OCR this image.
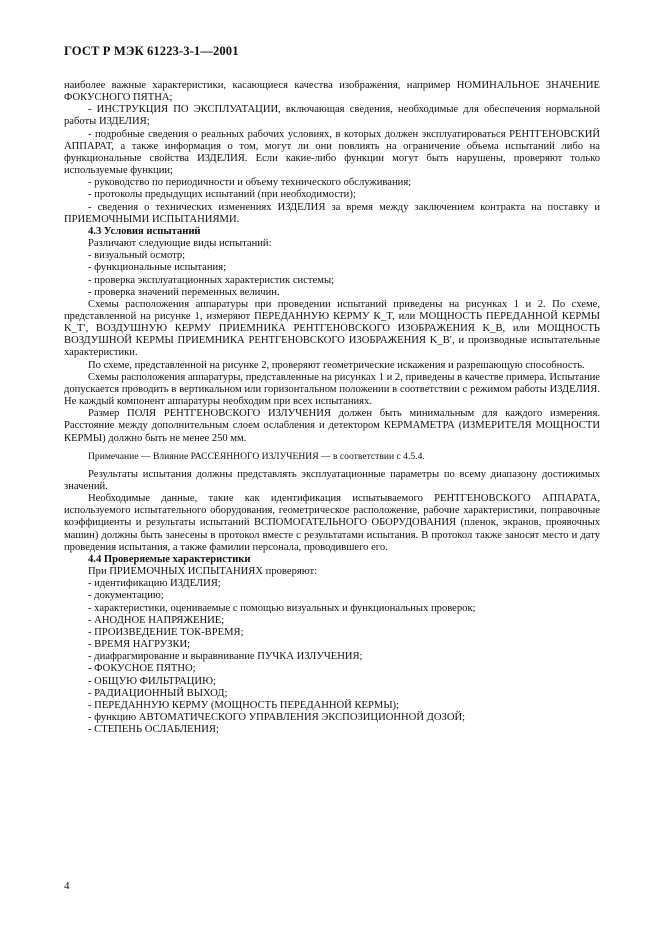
ГОСТ Р МЭК 61223-3-1—2001

наиболее важные характеристики, касающиеся качества изображения, например НОМИНАЛЬНОЕ ЗНАЧЕНИЕ ФОКУСНОГО ПЯТНА;

- ИНСТРУКЦИЯ ПО ЭКСПЛУАТАЦИИ, включающая сведения, необходимые для обеспечения нормальной работы ИЗДЕЛИЯ;

- подробные сведения о реальных рабочих условиях, в которых должен эксплуатироваться РЕНТГЕНОВСКИЙ АППАРАТ, а также информация о том, могут ли они повлиять на ограничение объема испытаний либо на функциональные свойства ИЗДЕЛИЯ. Если какие-либо функции могут быть нарушены, проверяют только используемые функции;

- руководство по периодичности и объему технического обслуживания;

- протоколы предыдущих испытаний (при необходимости);

- сведения о технических изменениях ИЗДЕЛИЯ за время между заключением контракта на поставку и ПРИЕМОЧНЫМИ ИСПЫТАНИЯМИ.

4.3 Условия испытаний

Различают следующие виды испытаний:

- визуальный осмотр;

- функциональные испытания;

- проверка эксплуатационных характеристик системы;

- проверка значений переменных величин.

Схемы расположения аппаратуры при проведении испытаний приведены на рисунках 1 и 2. По схеме, представленной на рисунке 1, измеряют ПЕРЕДАННУЮ КЕРМУ K_T, или МОЩНОСТЬ ПЕРЕДАННОЙ КЕРМЫ K_T′, ВОЗДУШНУЮ КЕРМУ ПРИЕМНИКА РЕНТГЕНОВСКОГО ИЗОБРАЖЕНИЯ K_B, или МОЩНОСТЬ ВОЗДУШНОЙ КЕРМЫ ПРИЕМНИКА РЕНТГЕНОВСКОГО ИЗОБРАЖЕНИЯ K_B′, и производные испытательные характеристики.

По схеме, представленной на рисунке 2, проверяют геометрические искажения и разрешающую способность.

Схемы расположения аппаратуры, представленные на рисунках 1 и 2, приведены в качестве примера. Испытание допускается проводить в вертикальном или горизонтальном положении в соответствии с режимом работы ИЗДЕЛИЯ. Не каждый компонент аппаратуры необходим при всех испытаниях.

Размер ПОЛЯ РЕНТГЕНОВСКОГО ИЗЛУЧЕНИЯ должен быть минимальным для каждого измерения. Расстояние между дополнительным слоем ослабления и детектором КЕРМАМЕТРА (ИЗМЕРИТЕЛЯ МОЩНОСТИ КЕРМЫ) должно быть не менее 250 мм.

Примечание — Влияние РАССЕЯННОГО ИЗЛУЧЕНИЯ — в соответствии с 4.5.4.

Результаты испытания должны представлять эксплуатационные параметры по всему диапазону достижимых значений.

Необходимые данные, такие как идентификация испытываемого РЕНТГЕНОВСКОГО АППАРАТА, используемого испытательного оборудования, геометрическое расположение, рабочие характеристики, поправочные коэффициенты и результаты испытаний ВСПОМОГАТЕЛЬНОГО ОБОРУДОВАНИЯ (пленок, экранов, проявочных машин) должны быть занесены в протокол вместе с результатами испытания. В протокол также заносят место и дату проведения испытания, а также фамилии персонала, проводившего его.

4.4 Проверяемые характеристики

При ПРИЕМОЧНЫХ ИСПЫТАНИЯХ проверяют:

- идентификацию ИЗДЕЛИЯ;

- документацию;

- характеристики, оцениваемые с помощью визуальных и функциональных проверок;

- АНОДНОЕ НАПРЯЖЕНИЕ;

- ПРОИЗВЕДЕНИЕ ТОК-ВРЕМЯ;

- ВРЕМЯ НАГРУЗКИ;

- диафрагмирование и выравнивание ПУЧКА ИЗЛУЧЕНИЯ;

- ФОКУСНОЕ ПЯТНО;

- ОБЩУЮ ФИЛЬТРАЦИЮ;

- РАДИАЦИОННЫЙ ВЫХОД;

- ПЕРЕДАННУЮ КЕРМУ (МОЩНОСТЬ ПЕРЕДАННОЙ КЕРМЫ);

- функцию АВТОМАТИЧЕСКОГО УПРАВЛЕНИЯ ЭКСПОЗИЦИОННОЙ ДОЗОЙ;

- СТЕПЕНЬ ОСЛАБЛЕНИЯ;

4
